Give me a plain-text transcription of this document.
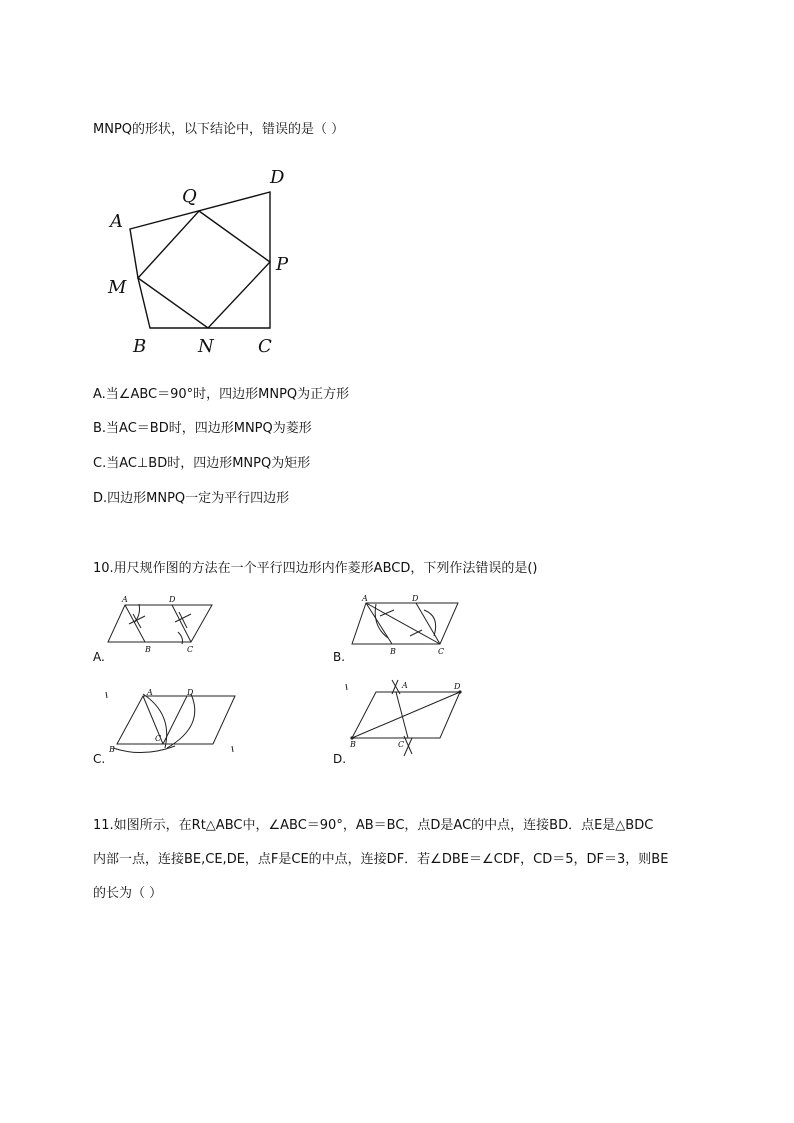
MNPQ的形状，以下结论中，错误的是（ ）
A
B	C
D
M
N
P
Q
A.当∠ABC＝90°时，四边形MNPQ为正方形
B.当AC＝BD时，四边形MNPQ为菱形
C.当AC⊥BD时，四边形MNPQ为矩形
D.四边形MNPQ一定为平行四边形
10.用尺规作图的方法在一个平行四边形内作菱形ABCD，下列作法错误的是()
A	D
B	C
A.
A	D
B	C
B.
A	D
B
C
C.
A	D
B	C
D.
11.如图所示，在Rt△ABC中，∠ABC＝90°，AB＝BC，点D是AC的中点，连接BD．点E是△BDC
内部一点，连接BE,CE,DE，点F是CE的中点，连接DF．若∠DBE＝∠CDF，CD＝5，DF＝3，则BE
的长为（ ）
